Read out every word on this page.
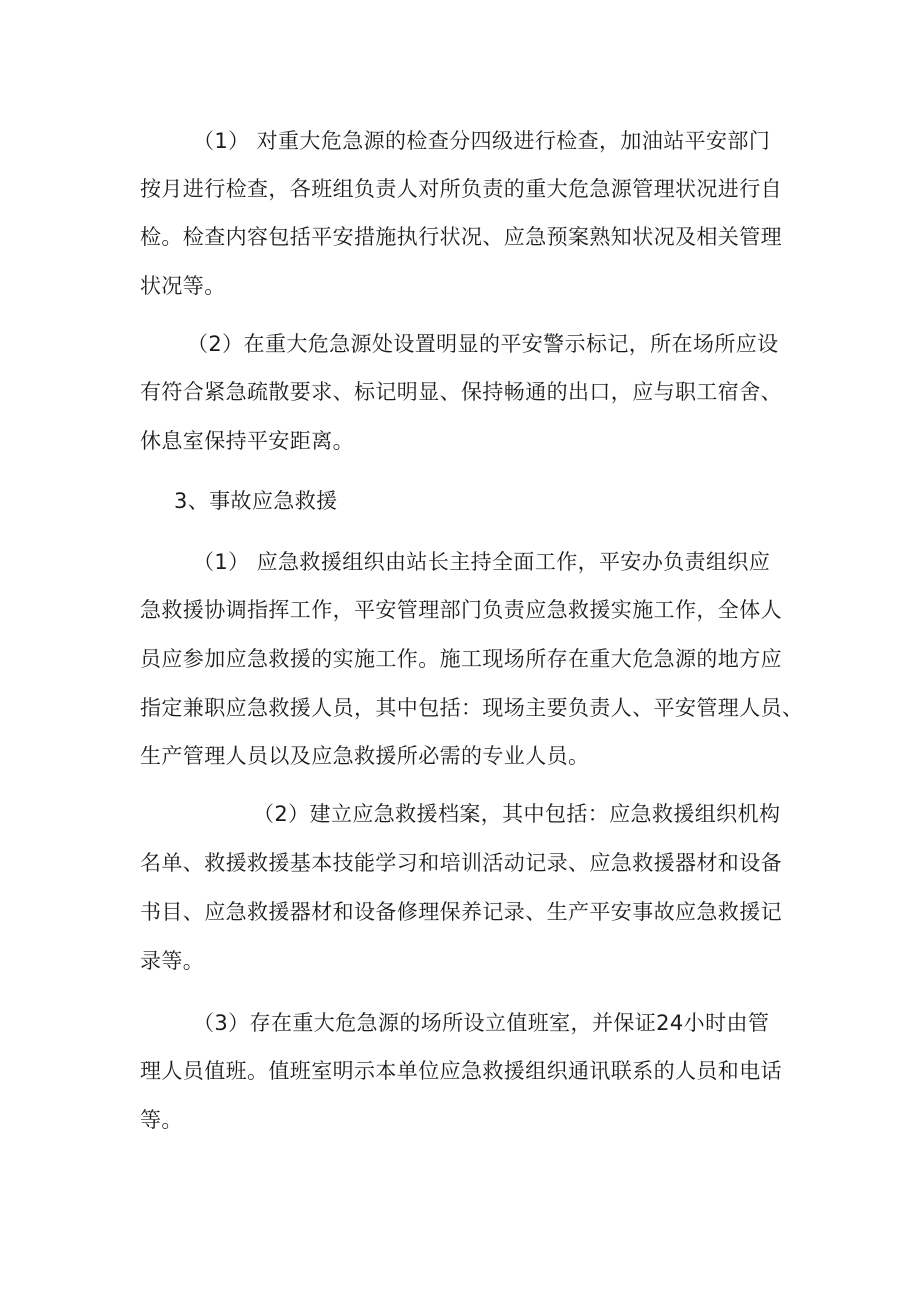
（1） 对重大危急源的检查分四级进行检查，加油站平安部门
按月进行检查，各班组负责人对所负责的重大危急源管理状况进行自
检。检查内容包括平安措施执行状况、应急预案熟知状况及相关管理
状况等。
（2）在重大危急源处设置明显的平安警示标记，所在场所应设
有符合紧急疏散要求、标记明显、保持畅通的出口，应与职工宿舍、
休息室保持平安距离。
3、事故应急救援
（1） 应急救援组织由站长主持全面工作，平安办负责组织应
急救援协调指挥工作，平安管理部门负责应急救援实施工作，全体人
员应参加应急救援的实施工作。施工现场所存在重大危急源的地方应
指定兼职应急救援人员，其中包括：现场主要负责人、平安管理人员、
生产管理人员以及应急救援所必需的专业人员。
（2）建立应急救援档案，其中包括：应急救援组织机构
名单、救援救援基本技能学习和培训活动记录、应急救援器材和设备
书目、应急救援器材和设备修理保养记录、生产平安事故应急救援记
录等。
（3）存在重大危急源的场所设立值班室，并保证24小时由管
理人员值班。值班室明示本单位应急救援组织通讯联系的人员和电话
等。
